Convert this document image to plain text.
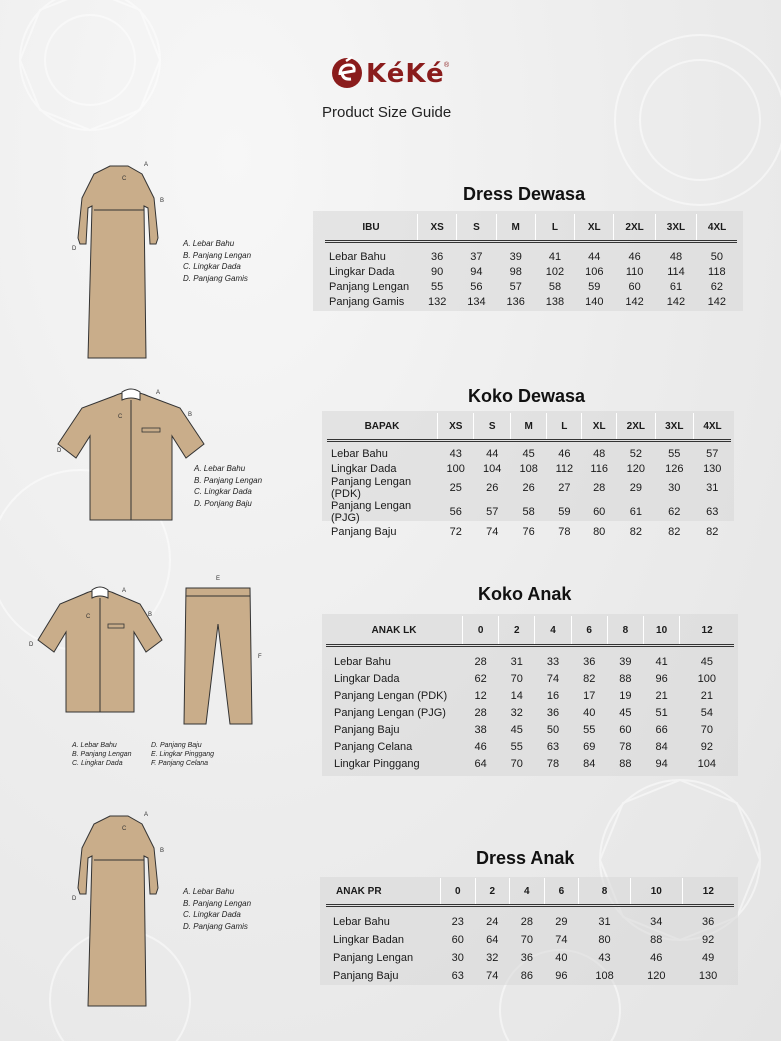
KéKé ®
Product Size Guide
A
B
C
D
A. Lebar Bahu
B. Panjang Lengan
C. Lingkar Dada
D. Panjang Gamis
Dress Dewasa
IBU	XS	S	M	L	XL	2XL	3XL	4XL

Lebar Bahu	36	37	39	41	44	46	48	50
Lingkar Dada	90	94	98	102	106	110	114	118
Panjang Lengan	55	56	57	58	59	60	61	62
Panjang Gamis	132	134	136	138	140	142	142	142
A
B
C
D
A. Lebar Bahu
B. Panjang Lengan
C. Lingkar Dada
D. Ponjang Baju
Koko Dewasa
BAPAK	XS	S	M	L	XL	2XL	3XL	4XL

Lebar Bahu	43	44	45	46	48	52	55	57
Lingkar Dada	100	104	108	112	116	120	126	130
Panjang Lengan (PDK)	25	26	26	27	28	29	30	31
Panjang Lengan (PJG)	56	57	58	59	60	61	62	63
Panjang Baju	72	74	76	78	80	82	82	82
A
B
C
D
E
F
A. Lebar Bahu
B. Panjang Lengan
C. Lingkar Dada
D. Panjang Baju
E. Lingkar Pinggang
F. Panjang Celana
Koko Anak
ANAK LK	0	2	4	6	8	10	12

Lebar Bahu	28	31	33	36	39	41	45
Lingkar Dada	62	70	74	82	88	96	100
Panjang Lengan (PDK)	12	14	16	17	19	21	21
Panjang Lengan (PJG)	28	32	36	40	45	51	54
Panjang Baju	38	45	50	55	60	66	70
Panjang Celana	46	55	63	69	78	84	92
Lingkar Pinggang	64	70	78	84	88	94	104
A
B
C
D
A. Lebar Bahu
B. Panjang Lengan
C. Lingkar Dada
D. Panjang Gamis
Dress Anak
ANAK PR	0	2	4	6	8	10	12

Lebar Bahu	23	24	28	29	31	34	36
Lingkar Badan	60	64	70	74	80	88	92
Panjang Lengan	30	32	36	40	43	46	49
Panjang Baju	63	74	86	96	108	120	130
